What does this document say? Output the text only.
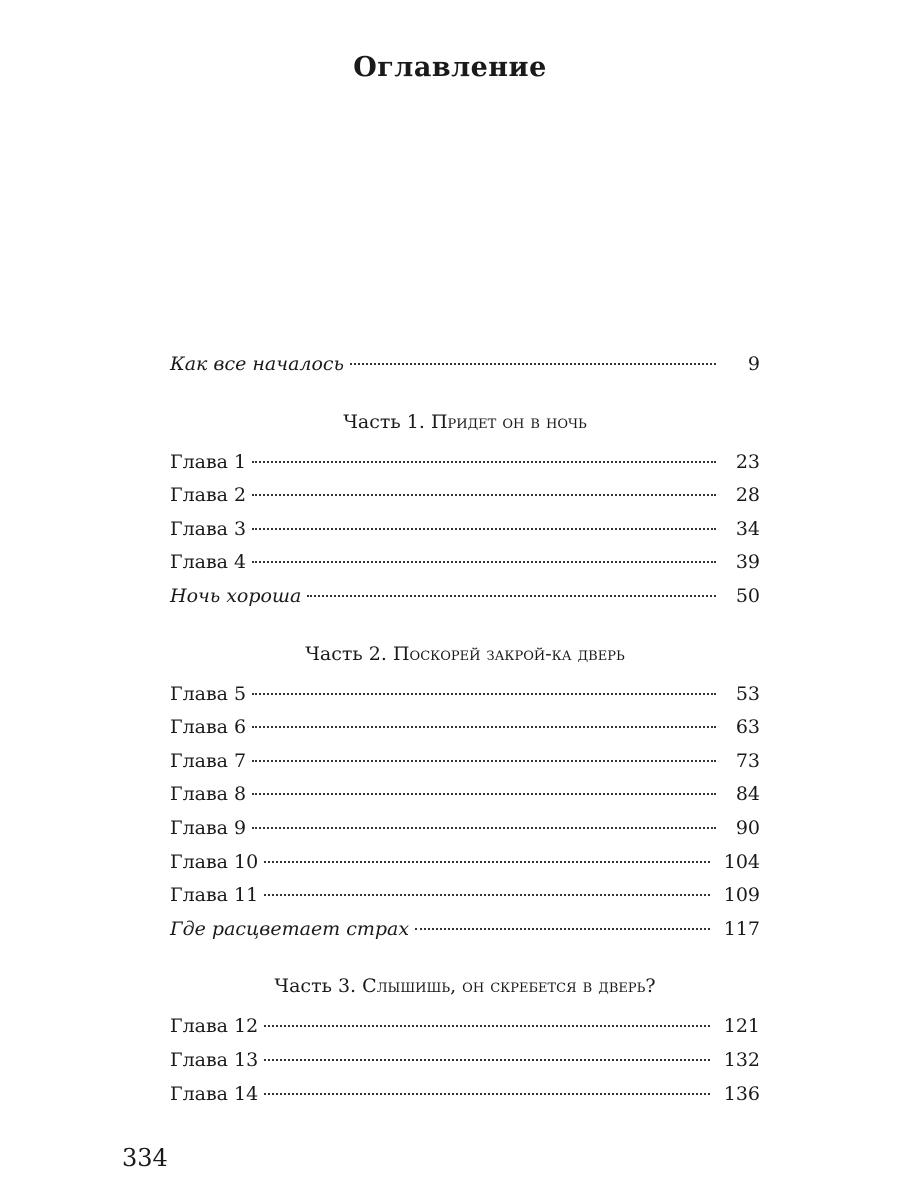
Оглавление
Как все началось	9
Часть 1. Придет он в ночь
Глава 1	23
Глава 2	28
Глава 3	34
Глава 4	39
Ночь хороша	50
Часть 2. Поскорей закрой-ка дверь
Глава 5	53
Глава 6	63
Глава 7	73
Глава 8	84
Глава 9	90
Глава 10	104
Глава 11	109
Где расцветает страх	117
Часть 3. Слышишь, он скребется в дверь?
Глава 12	121
Глава 13	132
Глава 14	136
334
